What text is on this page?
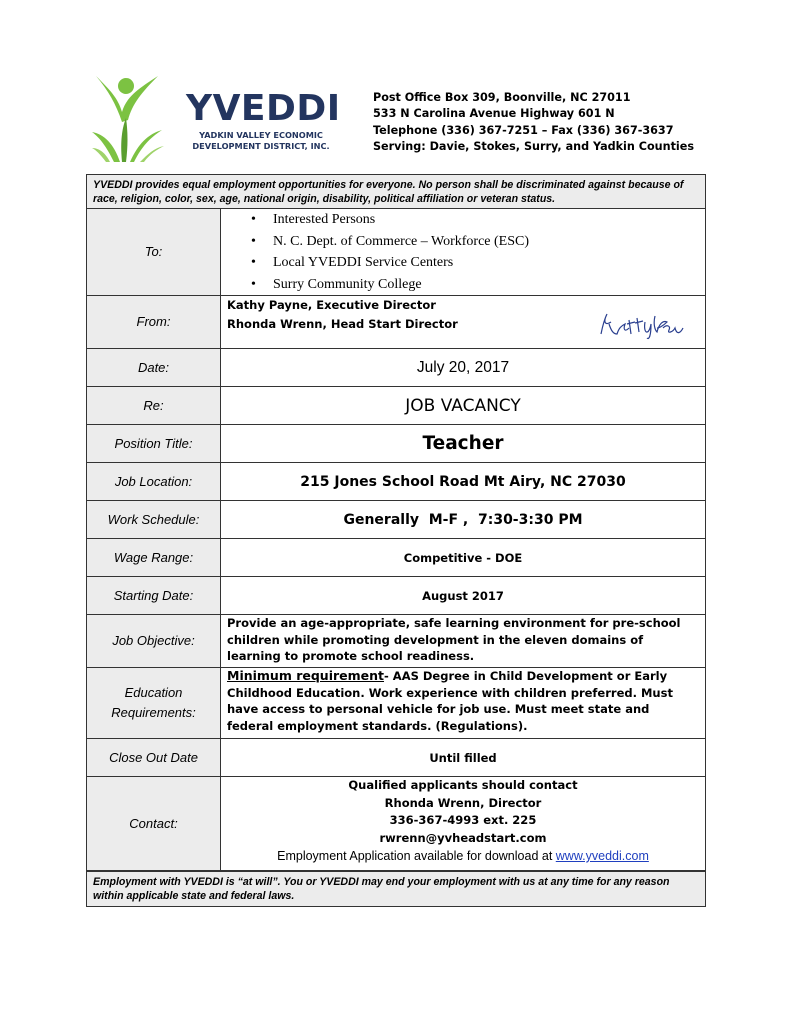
YVEDDI
YADKIN VALLEY ECONOMIC DEVELOPMENT DISTRICT, INC.
Post Office Box 309, Boonville, NC 27011
533 N Carolina Avenue Highway 601 N
Telephone (336) 367-7251 – Fax (336) 367-3637
Serving: Davie, Stokes, Surry, and Yadkin Counties
YVEDDI provides equal employment opportunities for everyone. No person shall be discriminated against because of race, religion, color, sex, age, national origin, disability, political affiliation or veteran status.
To:
• Interested Persons
• N. C. Dept. of Commerce – Workforce (ESC)
• Local YVEDDI Service Centers
• Surry Community College
From:
Kathy Payne, Executive Director
Rhonda Wrenn, Head Start Director
Date:	July 20, 2017
Re:	JOB VACANCY
Position Title:	Teacher
Job Location:	215 Jones School Road Mt Airy, NC 27030
Work Schedule:	Generally  M-F ,  7:30-3:30 PM
Wage Range:	Competitive - DOE
Starting Date:	August 2017
Job Objective:
Provide an age-appropriate, safe learning environment for pre-school children while promoting development in the eleven domains of learning to promote school readiness.
Education
Requirements:
Minimum requirement- AAS Degree in Child Development or Early Childhood Education. Work experience with children preferred. Must have access to personal vehicle for job use. Must meet state and federal employment standards. (Regulations).
Close Out Date	Until filled
Contact:
Qualified applicants should contact
Rhonda Wrenn, Director
336-367-4993 ext. 225
rwrenn@yvheadstart.com
Employment Application available for download at www.yveddi.com
Employment with YVEDDI is “at will”. You or YVEDDI may end your employment with us at any time for any reason within applicable state and federal laws.
